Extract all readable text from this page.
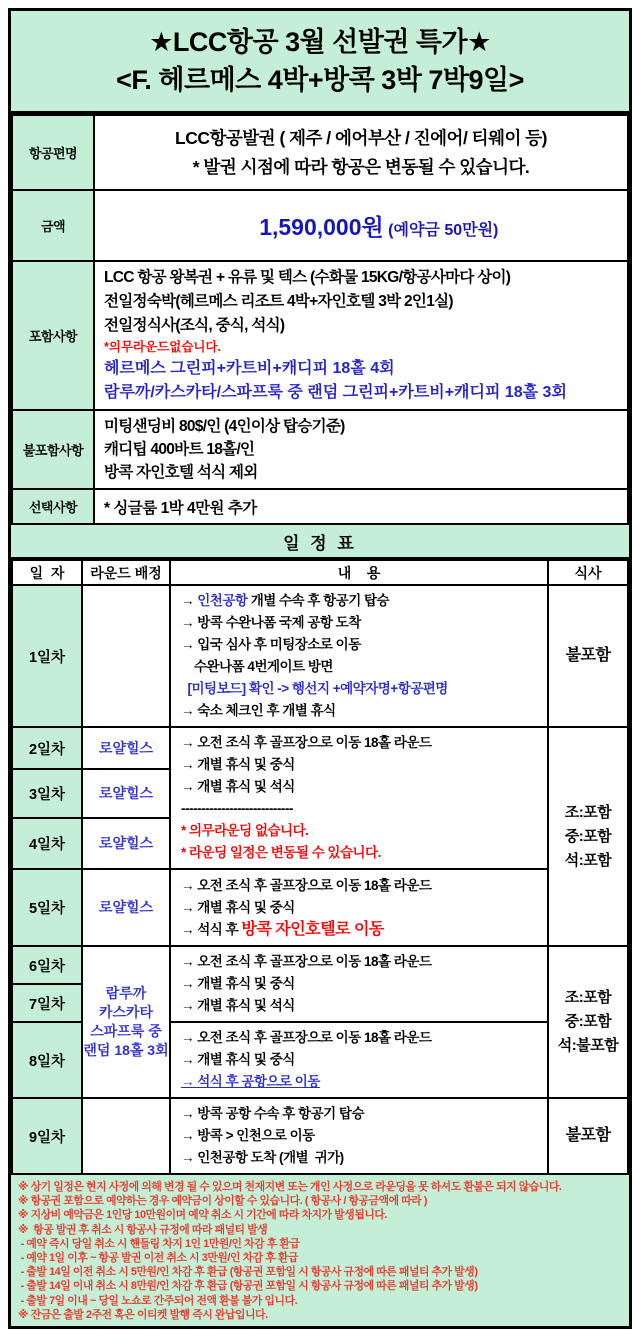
★LCC항공 3월 선발권 특가★
<F. 헤르메스 4박+방콕 3박 7박9일>
항공편명	LCC항공발권 ( 제주 / 에어부산 / 진에어/ 티웨이 등)
* 발권 시점에 따라 항공은 변동될 수 있습니다.

금액	1,590,000원 (예약금 50만원)

포함사항	
LCC 항공 왕복권 + 유류 및 텍스 (수화물 15KG/항공사마다 상이)
전일정숙박(헤르메스 리조트 4박+자인호텔 3박 2인1실)
전일정식사(조식, 중식, 석식)
*의무라운드없습니다.
헤르메스 그린피+카트비+캐디피 18홀 4회
람루까/카스카타/스파프룩 중 랜덤 그린피+카트비+캐디피 18홀 3회

불포함사항	미팅샌딩비 80$/인 (4인이상 탑승기준)
캐디팁 400바트 18홀/인
방콕 자인호텔 석식 제외

선택사항	* 싱글룸 1박 4만원 추가
일 정 표
일  자	라운드 배정	내    용	식사
1일차		
→ 인천공항 개별 수속 후 항공기 탑승
→ 방콕 수완나폼 국제 공항 도착
→ 입국 심사 후 미팅장소로 이동
수완나폼 4번게이트 방면
[미팅보드] 확인 -> 행선지 +예약자명+항공편명
→ 숙소 체크인 후 개별 휴식
	불포함
2일차	로얄힐스	→ 오전 조식 후 골프장으로 이동 18홀 라운드
→ 개별 휴식 및 중식
→ 개별 휴식 및 석식
----------------------------
* 의무라운딩 없습니다.
* 라운딩 일정은 변동될 수 있습니다.

조:포함
중:포함
석:포함

3일차	로얄힐스		
4일차	로얄힐스		
5일차	로얄힐스	→ 오전 조식 후 골프장으로 이동 18홀 라운드
→ 개별 휴식 및 중식
→ 석식 후 방콕 자인호텔로 이동	

6일차	
람루까
카스카타
스파프룩 중
랜덤 18홀 3회

→ 오전 조식 후 골프장으로 이동 18홀 라운드
→ 개별 휴식 및 중식
→ 개별 휴식 및 석식	조:포함
중:포함
석:불포함

7일차			
8일차		→ 오전 조식 후 골프장으로 이동 18홀 라운드
→ 개별 휴식 및 중식
→ 석식 후 공항으로 이동	

9일차		→ 방콕 공항 수속 후 항공기 탑승
→ 방콕 > 인천으로 이동
→ 인천공항 도착 (개별  귀가)	불포함
※ 상기 일정은 현지 사정에 의해 변경 될 수 있으며 천재지변 또는 개인 사정으로 라운딩을 못 하셔도 환불은 되지 않습니다.
※ 항공권 포함으로 예약하는 경우 예약금이 상이할 수 있습니다. ( 항공사 / 항공금액에 따라 )
※ 지상비 예약금은 1인당 10만원이며 예약 취소 시 기간에 따라 차지가 발생됩니다.
※  항공 발권 후 취소 시 항공사 규정에 따라 패널티 발생
- 예약 즉시 당일 취소 시 핸들링 차지 1인 1만원/인 차감 후 환급
- 예약 1일 이후 ~ 항공 발권 이전 취소 시 3만원/인 차감 후 환급
- 출발 14일 이전 취소 시 5만원/인 차감 후 환급 (항공권 포함일 시 항공사 규정에 따른 패널티 추가 발생)
- 출발 14일 이내 취소 시 8만원/인 차감 후 환급 (항공권 포함일 시 항공사 규정에 따른 패널티 추가 발생)
- 출발 7일 이내 ~ 당일 노쇼로 간주되어 전액 환불 불가 입니다.
※ 잔금은 출발 2주전 혹은 이티켓 발행 즉시 완납입니다.
